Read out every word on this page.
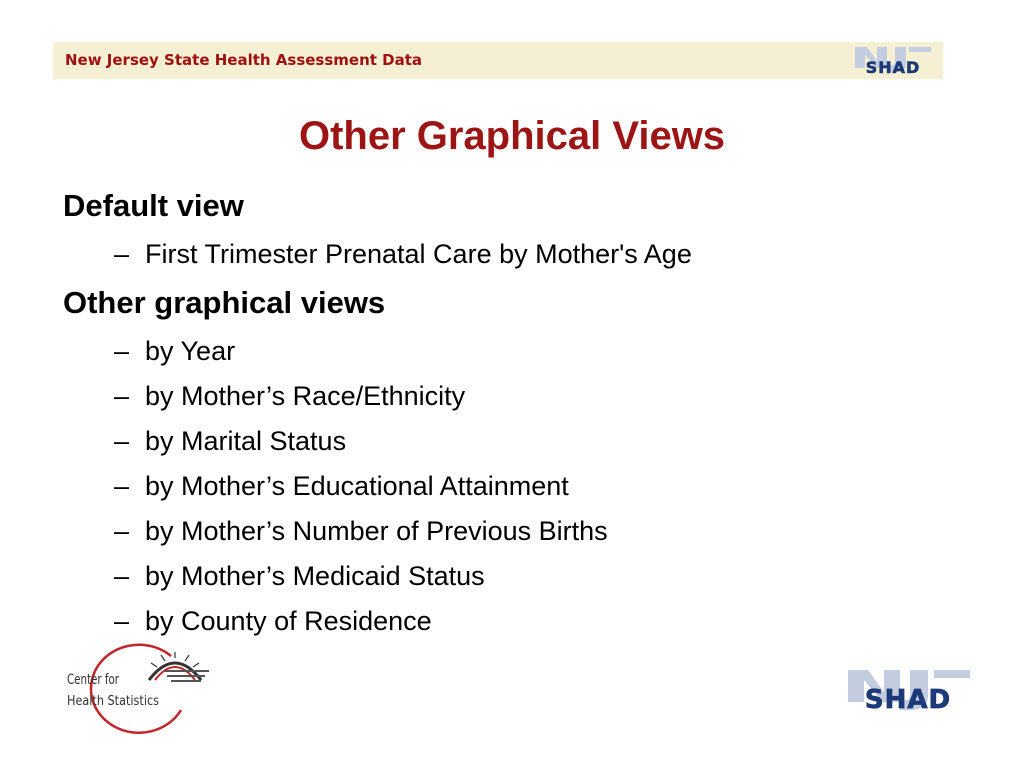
New Jersey State Health Assessment Data	SHAD
Other Graphical Views
Default view
– First Trimester Prenatal Care by Mother's Age
Other graphical views
– by Year
– by Mother’s Race/Ethnicity
– by Marital Status
– by Mother’s Educational Attainment
– by Mother’s Number of Previous Births
– by Mother’s Medicaid Status
– by County of Residence
Center for
Health Statistics	SHAD
